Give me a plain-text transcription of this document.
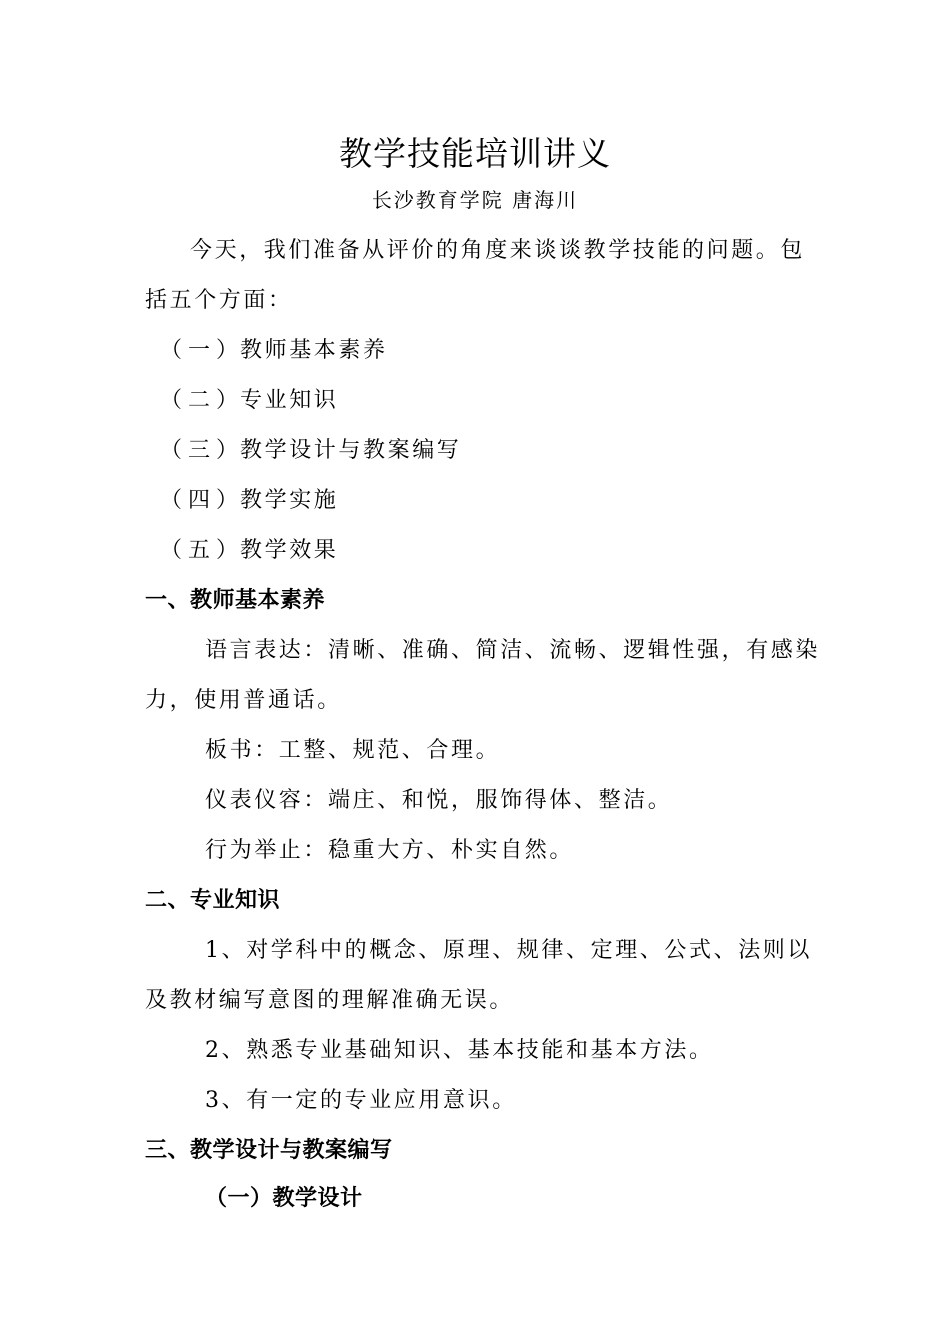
教学技能培训讲义
长沙教育学院 唐海川
今天，我们准备从评价的角度来谈谈教学技能的问题。包
括五个方面：
（一）教师基本素养
（二）专业知识
（三）教学设计与教案编写
（四）教学实施
（五）教学效果
一、教师基本素养
语言表达：清晰、准确、简洁、流畅、逻辑性强，有感染
力，使用普通话。
板书：工整、规范、合理。
仪表仪容：端庄、和悦，服饰得体、整洁。
行为举止：稳重大方、朴实自然。
二、专业知识
1、对学科中的概念、原理、规律、定理、公式、法则以
及教材编写意图的理解准确无误。
2、熟悉专业基础知识、基本技能和基本方法。
3、有一定的专业应用意识。
三、教学设计与教案编写
（一）教学设计
